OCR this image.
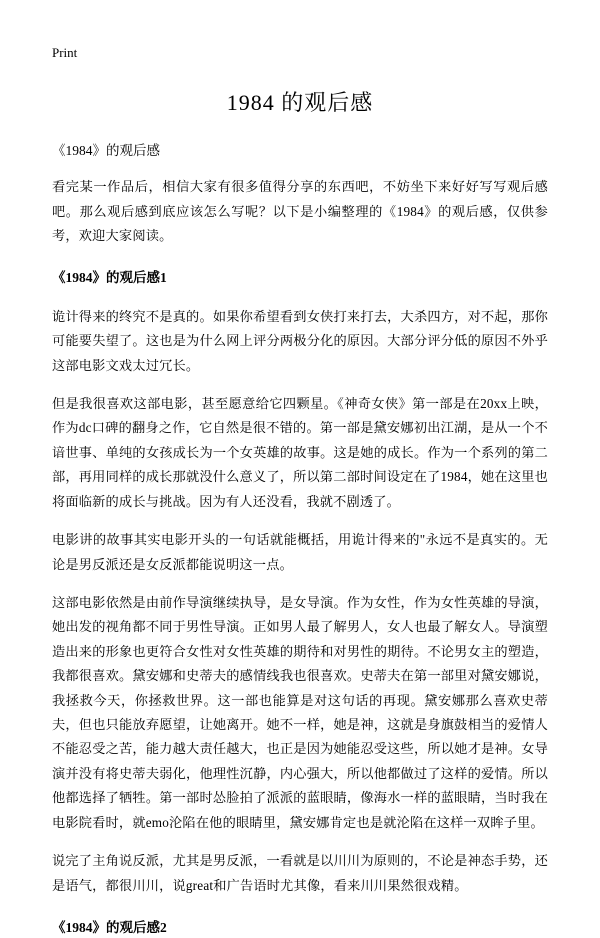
Print
1984 的观后感
《1984》的观后感

看完某一作品后，相信大家有很多值得分享的东西吧，不妨坐下来好好写写观后感吧。那么观后感到底应该怎么写呢？以下是小编整理的《1984》的观后感，仅供参考，欢迎大家阅读。

《1984》的观后感1

诡计得来的终究不是真的。如果你希望看到女侠打来打去，大杀四方，对不起，那你可能要失望了。这也是为什么网上评分两极分化的原因。大部分评分低的原因不外乎这部电影文戏太过冗长。

但是我很喜欢这部电影，甚至愿意给它四颗星。《神奇女侠》第一部是在20xx上映，作为dc口碑的翻身之作，它自然是很不错的。第一部是黛安娜初出江湖，是从一个不谙世事、单纯的女孩成长为一个女英雄的故事。这是她的成长。作为一个系列的第二部，再用同样的成长那就没什么意义了，所以第二部时间设定在了1984，她在这里也将面临新的成长与挑战。因为有人还没看，我就不剧透了。

电影讲的故事其实电影开头的一句话就能概括，用诡计得来的"永远不是真实的。无论是男反派还是女反派都能说明这一点。

这部电影依然是由前作导演继续执导，是女导演。作为女性，作为女性英雄的导演，她出发的视角都不同于男性导演。正如男人最了解男人，女人也最了解女人。导演塑造出来的形象也更符合女性对女性英雄的期待和对男性的期待。不论男女主的塑造，我都很喜欢。黛安娜和史蒂夫的感情线我也很喜欢。史蒂夫在第一部里对黛安娜说，我拯救今天，你拯救世界。这一部也能算是对这句话的再现。黛安娜那么喜欢史蒂夫，但也只能放弃愿望，让她离开。她不一样，她是神，这就是身旗鼓相当的爱情人不能忍受之苦，能力越大责任越大，也正是因为她能忍受这些，所以她才是神。女导演并没有将史蒂夫弱化，他理性沉静，内心强大，所以他都做过了这样的爱情。所以他都选择了牺牲。第一部时怂脸拍了派派的蓝眼睛，像海水一样的蓝眼睛，当时我在电影院看时，就emo沦陷在他的眼睛里，黛安娜肯定也是就沦陷在这样一双眸子里。

说完了主角说反派，尤其是男反派，一看就是以川川为原则的，不论是神态手势，还是语气，都很川川，说great和广告语时尤其像，看来川川果然很戏精。

《1984》的观后感2
